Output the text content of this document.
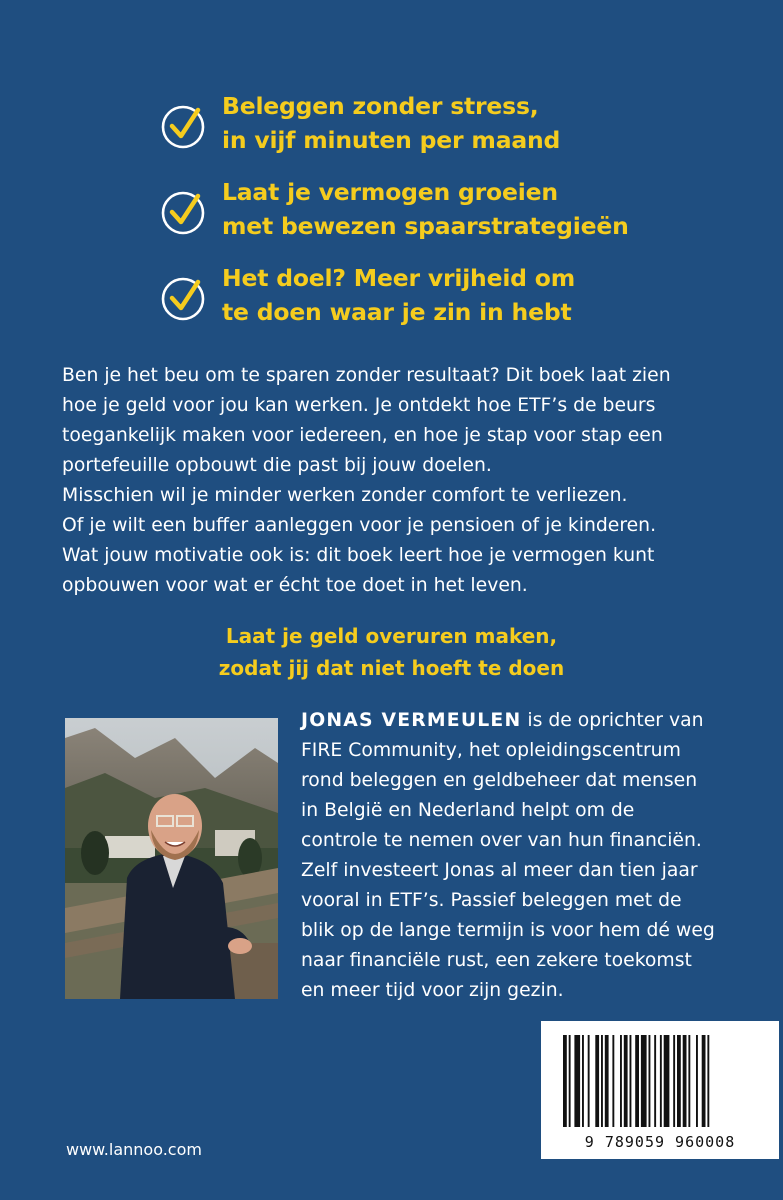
Beleggen zonder stress,
in vijf minuten per maand
Laat je vermogen groeien
met bewezen spaarstrategieën
Het doel? Meer vrijheid om
te doen waar je zin in hebt
Ben je het beu om te sparen zonder resultaat? Dit boek laat zien
hoe je geld voor jou kan werken. Je ontdekt hoe ETF’s de beurs
toegankelijk maken voor iedereen, en hoe je stap voor stap een
portefeuille opbouwt die past bij jouw doelen.
Misschien wil je minder werken zonder comfort te verliezen.
Of je wilt een buffer aanleggen voor je pensioen of je kinderen.
Wat jouw motivatie ook is: dit boek leert hoe je vermogen kunt
opbouwen voor wat er écht toe doet in het leven.
Laat je geld overuren maken,
zodat jij dat niet hoeft te doen
JONAS VERMEULEN is de oprichter van
FIRE Community, het opleidingscentrum
rond beleggen en geldbeheer dat mensen
in België en Nederland helpt om de
controle te nemen over van hun financiën.
Zelf investeert Jonas al meer dan tien jaar
vooral in ETF’s. Passief beleggen met de
blik op de lange termijn is voor hem dé weg
naar financiële rust, een zekere toekomst
en meer tijd voor zijn gezin.
9 789059 960008
www.lannoo.com
